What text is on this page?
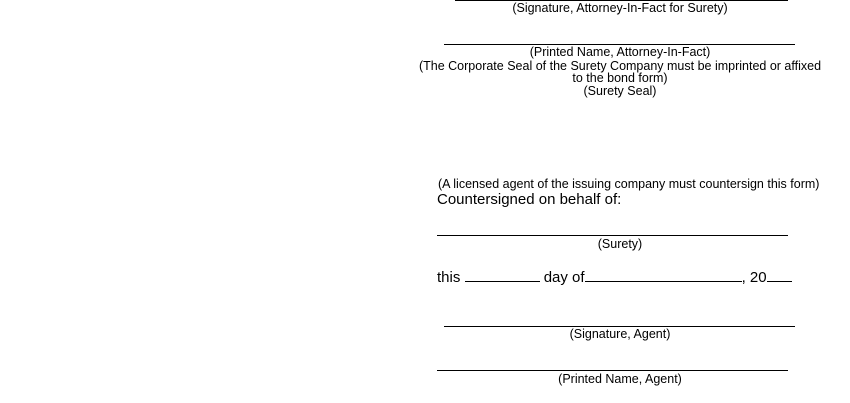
(Signature, Attorney-In-Fact for Surety)
(Printed Name, Attorney-In-Fact)
(The Corporate Seal of the Surety Company must be imprinted or affixed
to the bond form)
(Surety Seal)
(A licensed agent of the issuing company must countersign this form)
Countersigned on behalf of:
(Surety)
this	day of	, 20
(Signature, Agent)
(Printed Name, Agent)
